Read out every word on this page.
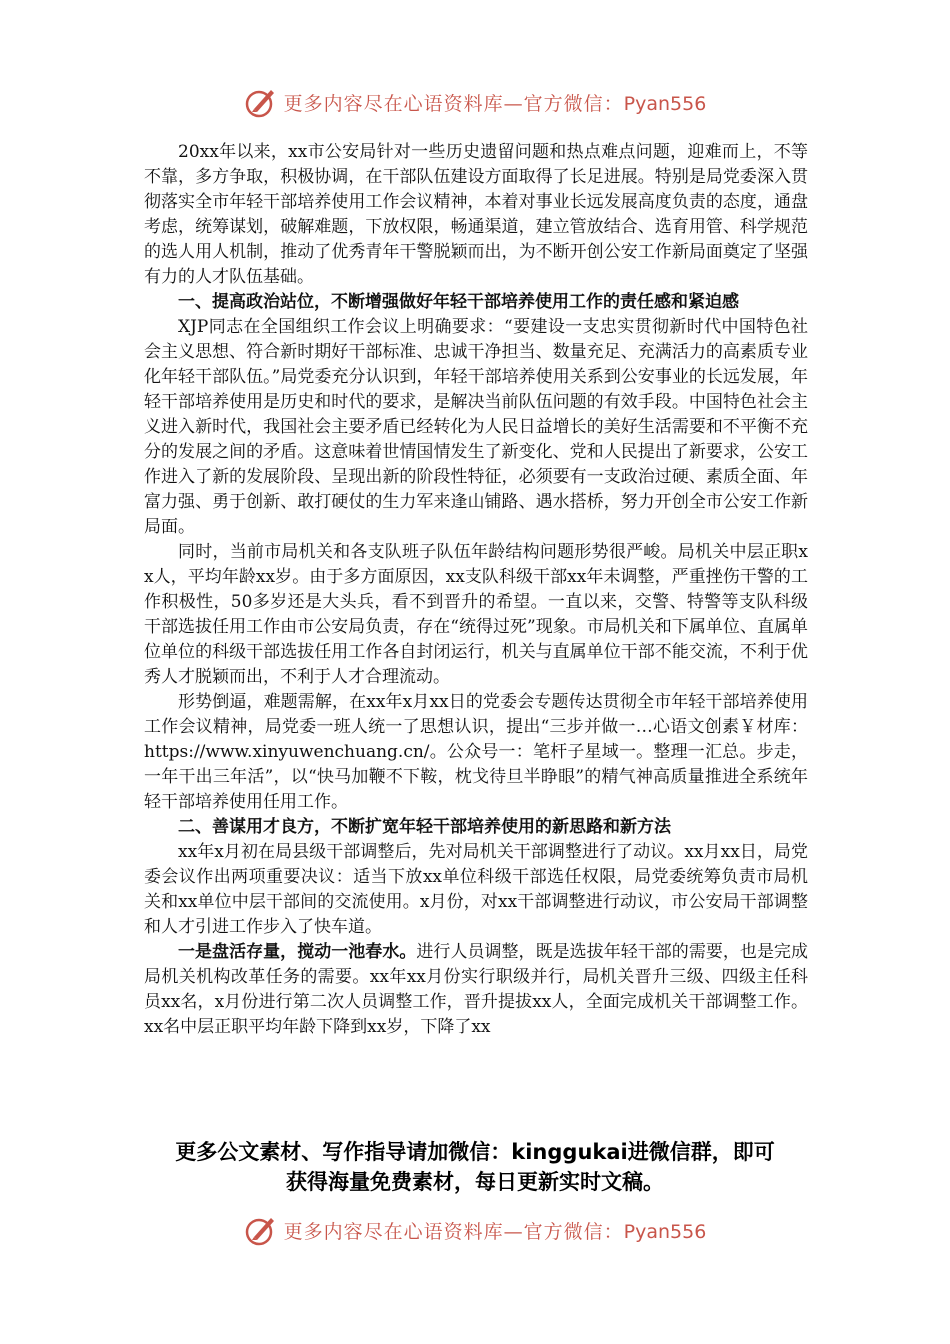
更多内容尽在心语资料库—官方微信：Pyan556

20xx年以来，xx市公安局针对一些历史遗留问题和热点难点问题，迎难而上，不等不靠，多方争取，积极协调，在干部队伍建设方面取得了长足进展。特别是局党委深入贯彻落实全市年轻干部培养使用工作会议精神，本着对事业长远发展高度负责的态度，通盘考虑，统筹谋划，破解难题，下放权限，畅通渠道，建立管放结合、选育用管、科学规范的选人用人机制，推动了优秀青年干警脱颖而出，为不断开创公安工作新局面奠定了坚强有力的人才队伍基础。

一、提高政治站位，不断增强做好年轻干部培养使用工作的责任感和紧迫感

XJP同志在全国组织工作会议上明确要求：“要建设一支忠实贯彻新时代中国特色社会主义思想、符合新时期好干部标准、忠诚干净担当、数量充足、充满活力的高素质专业化年轻干部队伍。”局党委充分认识到，年轻干部培养使用关系到公安事业的长远发展，年轻干部培养使用是历史和时代的要求，是解决当前队伍问题的有效手段。中国特色社会主义进入新时代，我国社会主要矛盾已经转化为人民日益增长的美好生活需要和不平衡不充分的发展之间的矛盾。这意味着世情国情发生了新变化、党和人民提出了新要求，公安工作进入了新的发展阶段、呈现出新的阶段性特征，必须要有一支政治过硬、素质全面、年富力强、勇于创新、敢打硬仗的生力军来逢山铺路、遇水搭桥，努力开创全市公安工作新局面。

同时，当前市局机关和各支队班子队伍年龄结构问题形势很严峻。局机关中层正职xx人，平均年龄xx岁。由于多方面原因，xx支队科级干部xx年未调整，严重挫伤干警的工作积极性，50多岁还是大头兵，看不到晋升的希望。一直以来，交警、特警等支队科级干部选拔任用工作由市公安局负责，存在“统得过死”现象。市局机关和下属单位、直属单位单位的科级干部选拔任用工作各自封闭运行，机关与直属单位干部不能交流，不利于优秀人才脱颖而出，不利于人才合理流动。

形势倒逼，难题需解，在xx年x月xx日的党委会专题传达贯彻全市年轻干部培养使用工作会议精神，局党委一班人统一了思想认识，提出“三步并做一…心语文创素￥材库：https://www.xinyuwenchuang.cn/。公众号一：笔杆子星域一。整理一汇总。步走，一年干出三年活”，以“快马加鞭不下鞍，枕戈待旦半睁眼”的精气神高质量推进全系统年轻干部培养使用任用工作。

二、善谋用才良方，不断扩宽年轻干部培养使用的新思路和新方法

xx年x月初在局县级干部调整后，先对局机关干部调整进行了动议。xx月xx日，局党委会议作出两项重要决议：适当下放xx单位科级干部选任权限，局党委统筹负责市局机关和xx单位中层干部间的交流使用。x月份，对xx干部调整进行动议，市公安局干部调整和人才引进工作步入了快车道。

一是盘活存量，搅动一池春水。进行人员调整，既是选拔年轻干部的需要，也是完成局机关机构改革任务的需要。xx年xx月份实行职级并行，局机关晋升三级、四级主任科员xx名，x月份进行第二次人员调整工作，晋升提拔xx人，全面完成机关干部调整工作。xx名中层正职平均年龄下降到xx岁，下降了xx

更多公文素材、写作指导请加微信：kinggukai进微信群，即可
获得海量免费素材，每日更新实时文稿。
更多内容尽在心语资料库—官方微信：Pyan556
